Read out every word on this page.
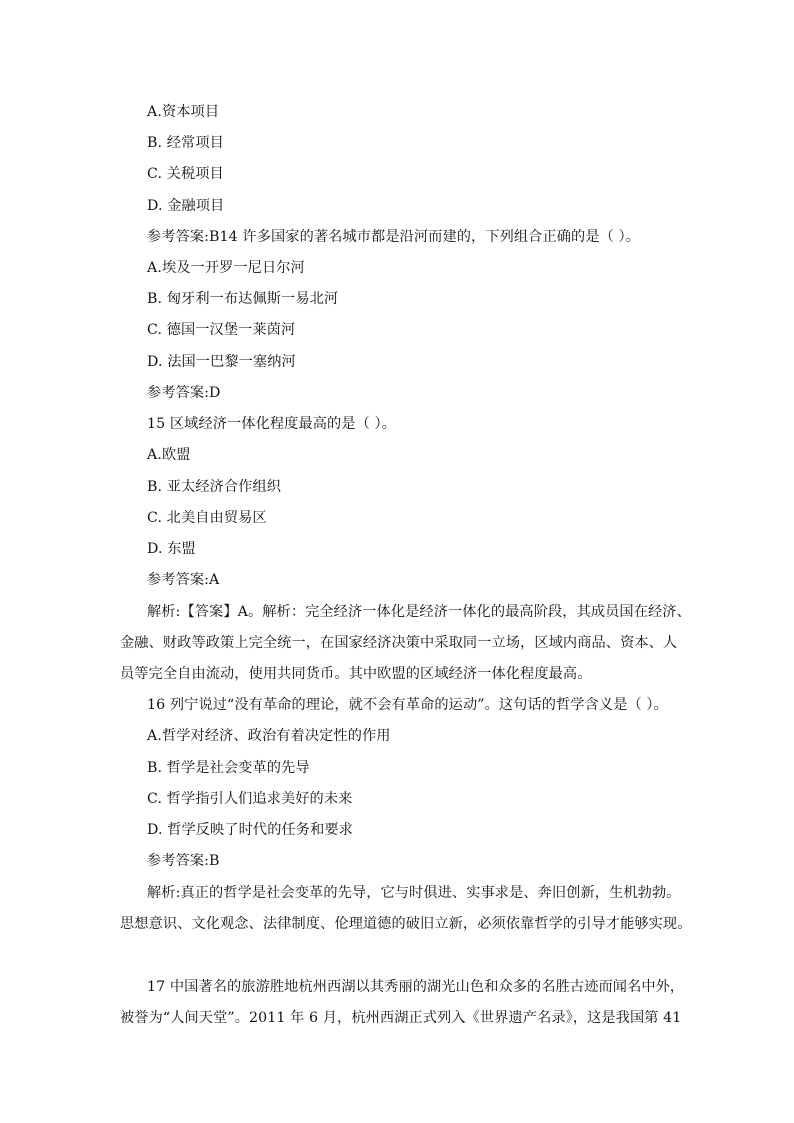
A.资本项目
B. 经常项目
C. 关税项目
D. 金融项目
参考答案:B14 许多国家的著名城市都是沿河而建的，下列组合正确的是（ ）。
A.埃及一开罗一尼日尔河
B. 匈牙利一布达佩斯一易北河
C. 德国一汉堡一莱茵河
D. 法国一巴黎一塞纳河
参考答案:D
15 区域经济一体化程度最高的是（ ）。
A.欧盟
B. 亚太经济合作组织
C. 北美自由贸易区
D. 东盟
参考答案:A
解析:【答案】A。解析：完全经济一体化是经济一体化的最高阶段，其成员国在经济、
金融、财政等政策上完全统一，在国家经济决策中采取同一立场，区域内商品、资本、人
员等完全自由流动，使用共同货币。其中欧盟的区域经济一体化程度最高。
16 列宁说过“没有革命的理论，就不会有革命的运动”。这句话的哲学含义是（ ）。
A.哲学对经济、政治有着决定性的作用
B. 哲学是社会变革的先导
C. 哲学指引人们追求美好的未来
D. 哲学反映了时代的任务和要求
参考答案:B
解析:真正的哲学是社会变革的先导，它与时俱进、实事求是、奔旧创新，生机勃勃。
思想意识、文化观念、法律制度、伦理道德的破旧立新，必须依靠哲学的引导才能够实现。
17 中国著名的旅游胜地杭州西湖以其秀丽的湖光山色和众多的名胜古迹而闻名中外，
被誉为“人间天堂”。2011 年 6 月，杭州西湖正式列入《世界遗产名录》，这是我国第 41
